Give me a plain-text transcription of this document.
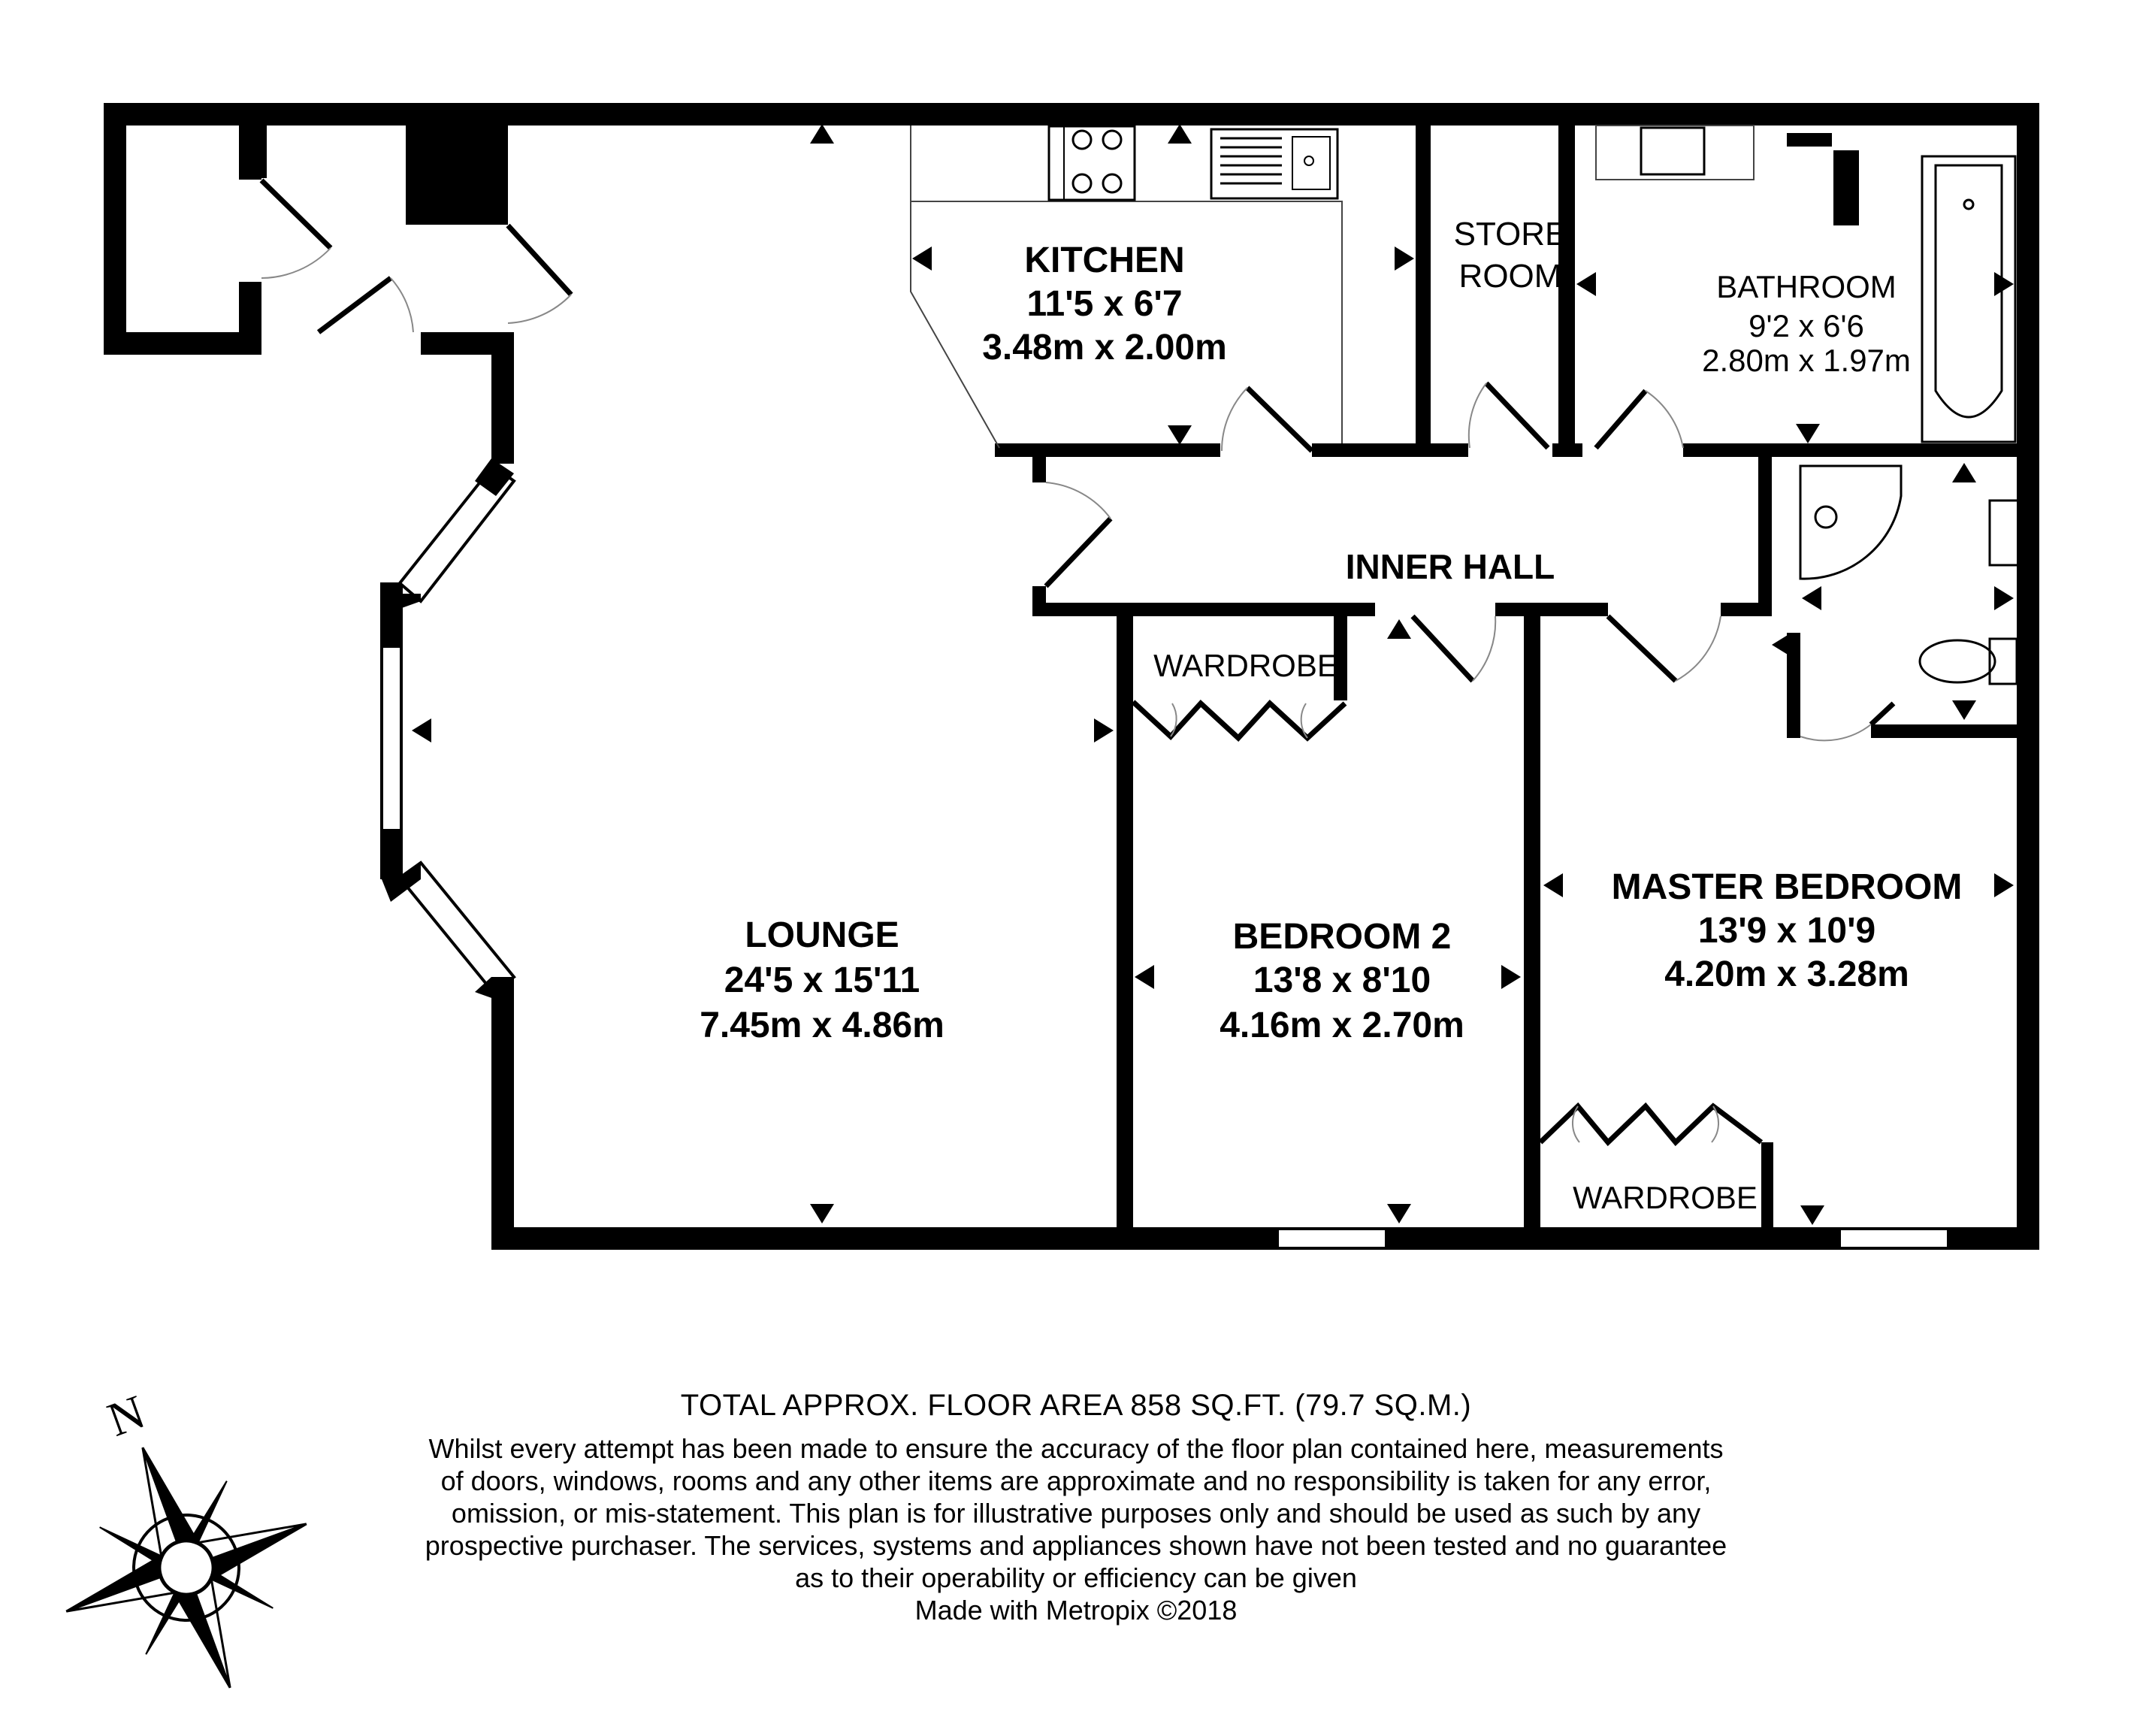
KITCHEN
11'5 x 6'7
3.48m x 2.00m
STORE
ROOM	BATHROOM
9'2 x 6'6
2.80m x 1.97m
INNER HALL
WARDROBE
LOUNGE
24'5 x 15'11
7.45m x 4.86m
BEDROOM 2
13'8 x 8'10
4.16m x 2.70m
MASTER BEDROOM
13'9 x 10'9
4.20m x 3.28m
WARDROBE
N	TOTAL APPROX. FLOOR AREA 858 SQ.FT. (79.7 SQ.M.)
Whilst every attempt has been made to ensure the accuracy of the floor plan contained here, measurements
of doors, windows, rooms and any other items are approximate and no responsibility is taken for any error,
omission, or mis-statement. This plan is for illustrative purposes only and should be used as such by any
prospective purchaser. The services, systems and appliances shown have not been tested and no guarantee
as to their operability or efficiency can be given
Made with Metropix ©2018
